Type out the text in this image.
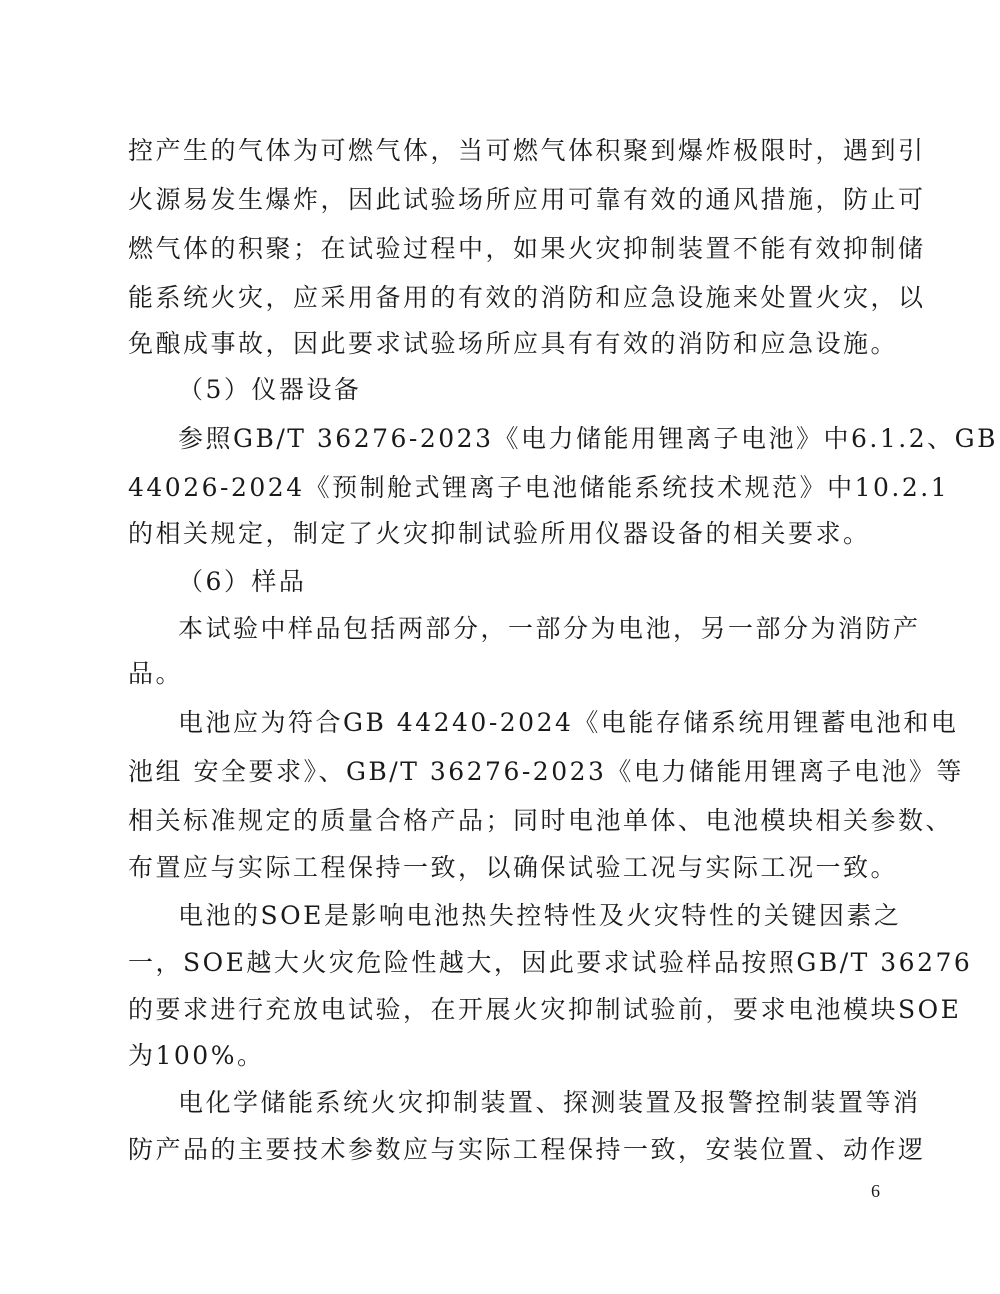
控产生的气体为可燃气体，当可燃气体积聚到爆炸极限时，遇到引
火源易发生爆炸，因此试验场所应用可靠有效的通风措施，防止可
燃气体的积聚；在试验过程中，如果火灾抑制装置不能有效抑制储
能系统火灾，应采用备用的有效的消防和应急设施来处置火灾，以
免酿成事故，因此要求试验场所应具有有效的消防和应急设施。
（5）仪器设备
参照GB/T 36276-2023《电力储能用锂离子电池》中6.1.2、GB
44026-2024《预制舱式锂离子电池储能系统技术规范》中10.2.1
的相关规定，制定了火灾抑制试验所用仪器设备的相关要求。
（6）样品
本试验中样品包括两部分，一部分为电池，另一部分为消防产
品。
电池应为符合GB 44240-2024《电能存储系统用锂蓄电池和电
池组 安全要求》、GB/T 36276-2023《电力储能用锂离子电池》等
相关标准规定的质量合格产品；同时电池单体、电池模块相关参数、
布置应与实际工程保持一致，以确保试验工况与实际工况一致。
电池的SOE是影响电池热失控特性及火灾特性的关键因素之
一，SOE越大火灾危险性越大，因此要求试验样品按照GB/T 36276
的要求进行充放电试验，在开展火灾抑制试验前，要求电池模块SOE
为100%。
电化学储能系统火灾抑制装置、探测装置及报警控制装置等消
防产品的主要技术参数应与实际工程保持一致，安装位置、动作逻
6
